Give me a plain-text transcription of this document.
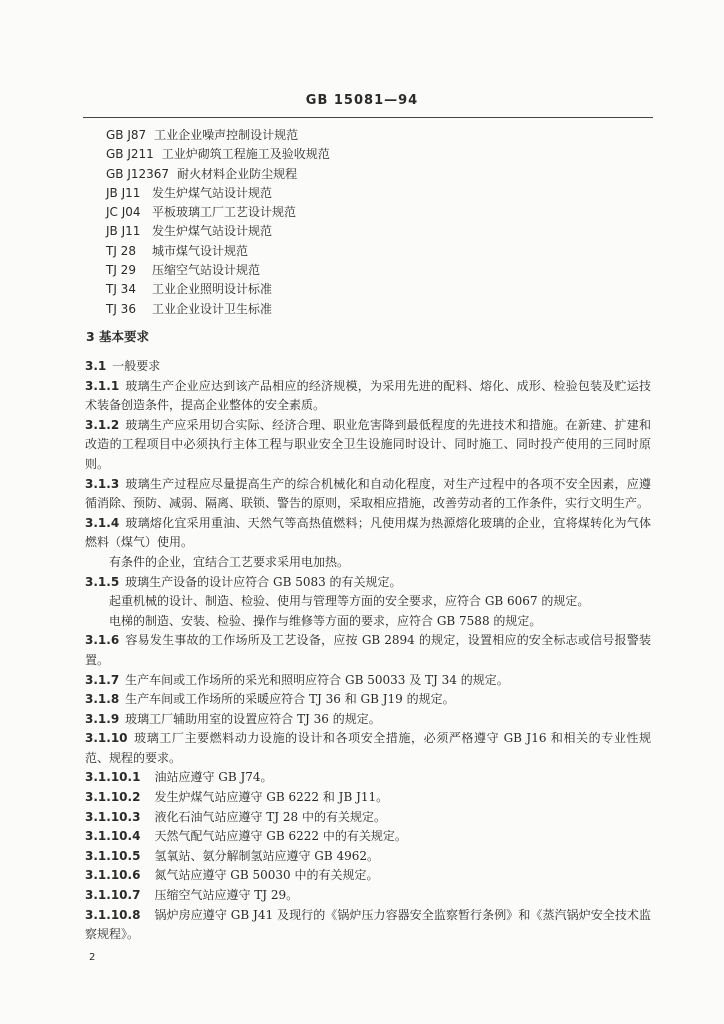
GB 15081—94
GB J87 工业企业噪声控制设计规范
GB J211 工业炉砌筑工程施工及验收规范
GB J12367 耐火材料企业防尘规程
JB J11 发生炉煤气站设计规范
JC J04 平板玻璃工厂工艺设计规范
JB J11 发生炉煤气站设计规范
TJ 28 城市煤气设计规范
TJ 29 压缩空气站设计规范
TJ 34 工业企业照明设计标准
TJ 36 工业企业设计卫生标准
3 基本要求
3.1 一般要求
3.1.1 玻璃生产企业应达到该产品相应的经济规模，为采用先进的配料、熔化、成形、检验包装及贮运技术装备创造条件，提高企业整体的安全素质。
3.1.2 玻璃生产应采用切合实际、经济合理、职业危害降到最低程度的先进技术和措施。在新建、扩建和改造的工程项目中必须执行主体工程与职业安全卫生设施同时设计、同时施工、同时投产使用的三同时原则。
3.1.3 玻璃生产过程应尽量提高生产的综合机械化和自动化程度，对生产过程中的各项不安全因素，应遵循消除、预防、减弱、隔离、联锁、警告的原则，采取相应措施，改善劳动者的工作条件，实行文明生产。
3.1.4 玻璃熔化宜采用重油、天然气等高热值燃料；凡使用煤为热源熔化玻璃的企业，宜将煤转化为气体燃料（煤气）使用。
有条件的企业，宜结合工艺要求采用电加热。
3.1.5 玻璃生产设备的设计应符合 GB 5083 的有关规定。
起重机械的设计、制造、检验、使用与管理等方面的安全要求，应符合 GB 6067 的规定。
电梯的制造、安装、检验、操作与维修等方面的要求，应符合 GB 7588 的规定。
3.1.6 容易发生事故的工作场所及工艺设备，应按 GB 2894 的规定，设置相应的安全标志或信号报警装置。
3.1.7 生产车间或工作场所的采光和照明应符合 GB 50033 及 TJ 34 的规定。
3.1.8 生产车间或工作场所的采暖应符合 TJ 36 和 GB J19 的规定。
3.1.9 玻璃工厂辅助用室的设置应符合 TJ 36 的规定。
3.1.10 玻璃工厂主要燃料动力设施的设计和各项安全措施，必须严格遵守 GB J16 和相关的专业性规范、规程的要求。
3.1.10.1 油站应遵守 GB J74。
3.1.10.2 发生炉煤气站应遵守 GB 6222 和 JB J11。
3.1.10.3 液化石油气站应遵守 TJ 28 中的有关规定。
3.1.10.4 天然气配气站应遵守 GB 6222 中的有关规定。
3.1.10.5 氢氧站、氨分解制氢站应遵守 GB 4962。
3.1.10.6 氮气站应遵守 GB 50030 中的有关规定。
3.1.10.7 压缩空气站应遵守 TJ 29。
3.1.10.8 锅炉房应遵守 GB J41 及现行的《锅炉压力容器安全监察暂行条例》和《蒸汽锅炉安全技术监察规程》。
2
